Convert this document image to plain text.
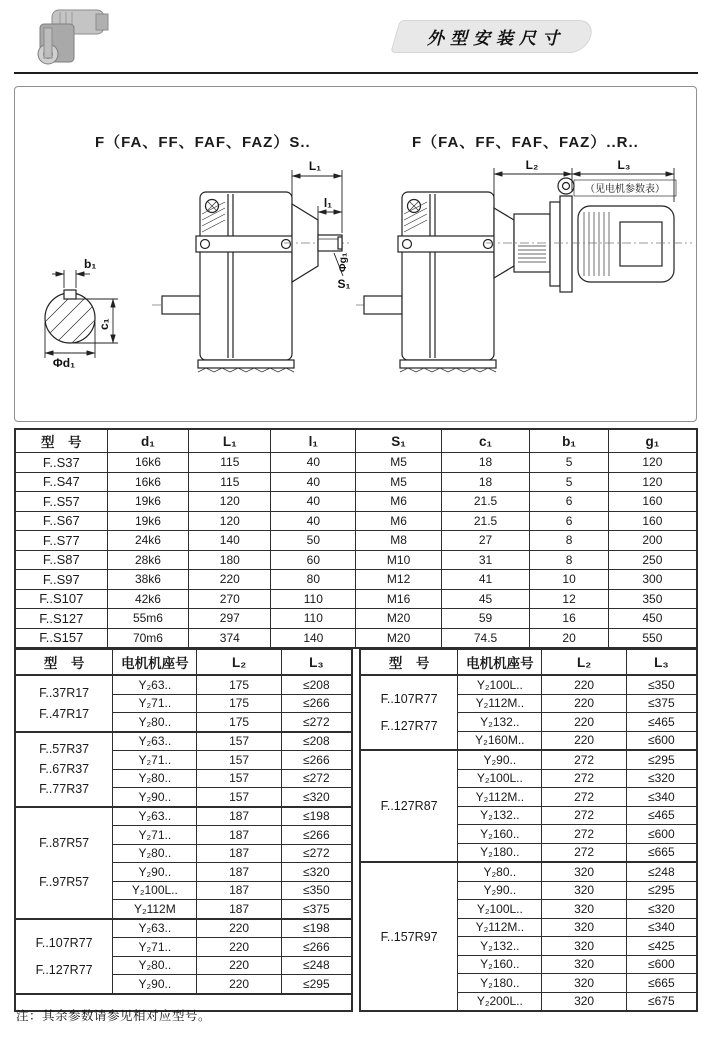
外型安装尺寸
F（FA、FF、FAF、FAZ）S..	F（FA、FF、FAF、FAZ）..R..
L₁
l₁
Φg₁
S₁
b₁
c₁
Φd₁
L₂	L₃
（见电机参数表）
型　号	d₁	L₁	l₁	S₁	c₁	b₁	g₁
F..S37	16k6	115	40	M5	18	5	120
F..S47	16k6	115	40	M5	18	5	120
F..S57	19k6	120	40	M6	21.5	6	160
F..S67	19k6	120	40	M6	21.5	6	160
F..S77	24k6	140	50	M8	27	8	200
F..S87	28k6	180	60	M10	31	8	250
F..S97	38k6	220	80	M12	41	10	300
F..S107	42k6	270	110	M16	45	12	350
F..S127	55m6	297	110	M20	59	16	450
F..S157	70m6	374	140	M20	74.5	20	550
型　号	电机机座号	L₂	L₃

F..37R17
F..47R17	Y₂63..	175	≤208
	Y₂71..	175	≤266
	Y₂80..	175	≤272

F..57R37
F..67R37
F..77R37	Y₂63..	157	≤208
	Y₂71..	157	≤266
	Y₂80..	157	≤272
	Y₂90..	157	≤320

F..87R57
F..97R57	Y₂63..	187	≤198
	Y₂71..	187	≤266
	Y₂80..	187	≤272
	Y₂90..	187	≤320
	Y₂100L..	187	≤350
	Y₂112M	187	≤375

F..107R77
F..127R77	Y₂63..	220	≤198
	Y₂71..	220	≤266
	Y₂80..	220	≤248
	Y₂90..	220	≤295

型　号	电机机座号	L₂	L₃

F..107R77
F..127R77	Y₂100L..	220	≤350
	Y₂112M..	220	≤375
	Y₂132..	220	≤465
	Y₂160M..	220	≤600

F..127R87	Y₂90..	272	≤295
	Y₂100L..	272	≤320
	Y₂112M..	272	≤340
	Y₂132..	272	≤465
	Y₂160..	272	≤600
	Y₂180..	272	≤665

F..157R97	Y₂80..	320	≤248
	Y₂90..	320	≤295
	Y₂100L..	320	≤320
	Y₂112M..	320	≤340
	Y₂132..	320	≤425
	Y₂160..	320	≤600
	Y₂180..	320	≤665
	Y₂200L..	320	≤675
注：其余参数请参见相对应型号。
